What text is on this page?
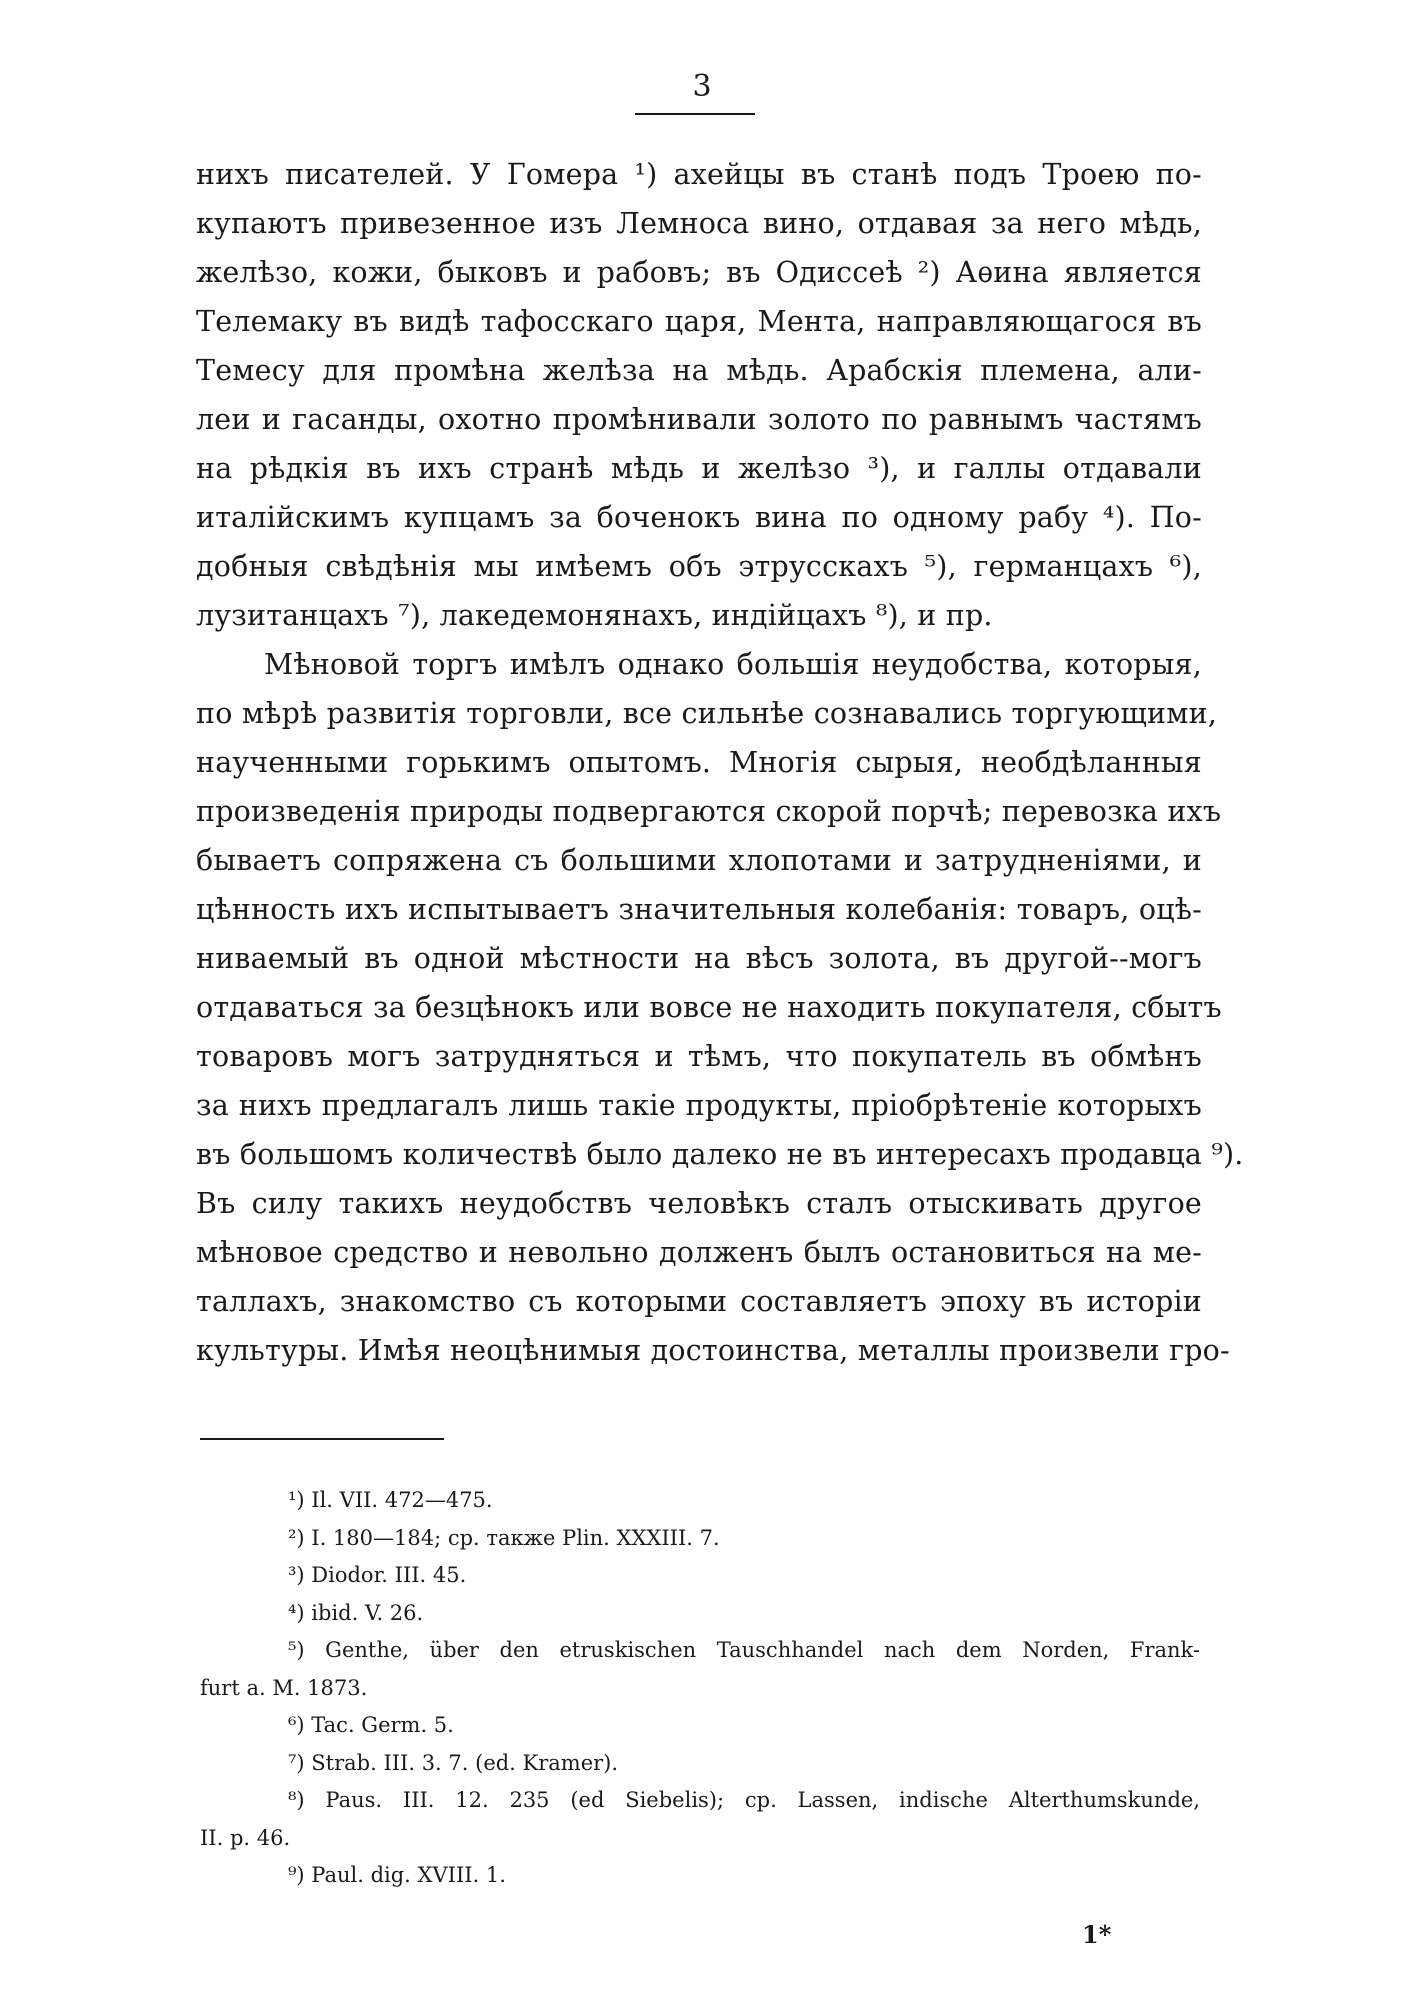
3
нихъ писателей. У Гомера ¹) ахейцы въ станѣ подъ Троею по-
купаютъ привезенное изъ Лемноса вино, отдавая за него мѣдь,
желѣзо, кожи, быковъ и рабовъ; въ Одиссеѣ ²) Аѳина является
Телемаку въ видѣ тафосскаго царя, Мента, направляющагося въ
Темесу для промѣна желѣза на мѣдь. Арабскія племена, али-
леи и гасанды, охотно промѣнивали золото по равнымъ частямъ
на рѣдкія въ ихъ странѣ мѣдь и желѣзо ³), и галлы отдавали
италійскимъ купцамъ за боченокъ вина по одному рабу ⁴). По-
добныя свѣдѣнія мы имѣемъ объ этрусскахъ ⁵), германцахъ ⁶),
лузитанцахъ ⁷), лакедемонянахъ, индійцахъ ⁸), и пр.
Мѣновой торгъ имѣлъ однако большія неудобства, которыя,
по мѣрѣ развитія торговли, все сильнѣе сознавались торгующими,
наученными горькимъ опытомъ. Многія сырыя, необдѣланныя
произведенія природы подвергаются скорой порчѣ; перевозка ихъ
бываетъ сопряжена съ большими хлопотами и затрудненіями, и
цѣнность ихъ испытываетъ значительныя колебанія: товаръ, оцѣ-
ниваемый въ одной мѣстности на вѣсъ золота, въ другой--могъ
отдаваться за безцѣнокъ или вовсе не находить покупателя, сбытъ
товаровъ могъ затрудняться и тѣмъ, что покупатель въ обмѣнъ
за нихъ предлагалъ лишь такіе продукты, пріобрѣтеніе которыхъ
въ большомъ количествѣ было далеко не въ интересахъ продавца ⁹).
Въ силу такихъ неудобствъ человѣкъ сталъ отыскивать другое
мѣновое средство и невольно долженъ былъ остановиться на ме-
таллахъ, знакомство съ которыми составляетъ эпоху въ исторіи
культуры. Имѣя неоцѣнимыя достоинства, металлы произвели гро-
¹) Il. VII. 472—475.
²) I. 180—184; ср. также Plin. XXXIII. 7.
³) Diodor. III. 45.
⁴) ibid. V. 26.
⁵) Genthe, über den etruskischen Tauschhandel nach dem Norden, Frank-
furt a. M. 1873.
⁶) Tac. Germ. 5.
⁷) Strab. III. 3. 7. (ed. Kramer).
⁸) Paus. III. 12. 235 (ed Siebelis); ср. Lassen, indische Alterthumskunde,
II. p. 46.
⁹) Paul. dig. XVIII. 1.
1*
